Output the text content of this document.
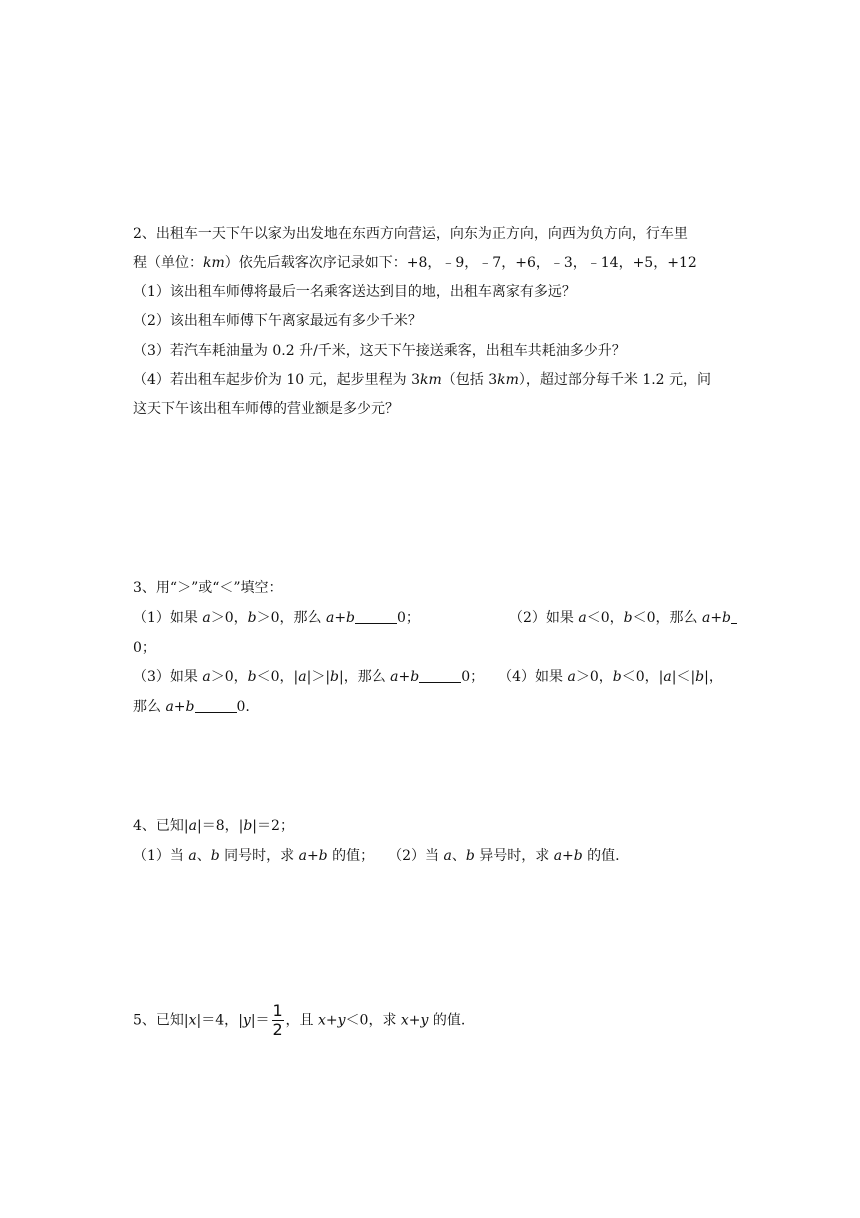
2、出租车一天下午以家为出发地在东西方向营运，向东为正方向，向西为负方向，行车里
程（单位：km）依先后载客次序记录如下：+8，﹣9，﹣7，+6，﹣3，﹣14，+5，+12
（1）该出租车师傅将最后一名乘客送达到目的地，出租车离家有多远？
（2）该出租车师傅下午离家最远有多少千米？
（3）若汽车耗油量为 0.2 升/千米，这天下午接送乘客，出租车共耗油多少升？
（4）若出租车起步价为 10 元，起步里程为 3km（包括 3km），超过部分每千米 1.2 元，问
这天下午该出租车师傅的营业额是多少元？
3、用“＞”或“＜”填空：
（1）如果 a＞0，b＞0，那么 a+b	0；	（2）如果 a＜0，b＜0，那么 a+b
0；
（3）如果 a＞0，b＜0，|a|＞|b|，那么 a+b	0； （4）如果 a＞0，b＜0，|a|＜|b|，
那么 a+b	0.
4、已知|a|＝8，|b|＝2；
（1）当 a、b 同号时，求 a+b 的值； （2）当 a、b 异号时，求 a+b 的值.
5、已知|x|＝4，$|y|= \frac{1}{2}$ ，且 x+y＜0，求 x+y 的值.
